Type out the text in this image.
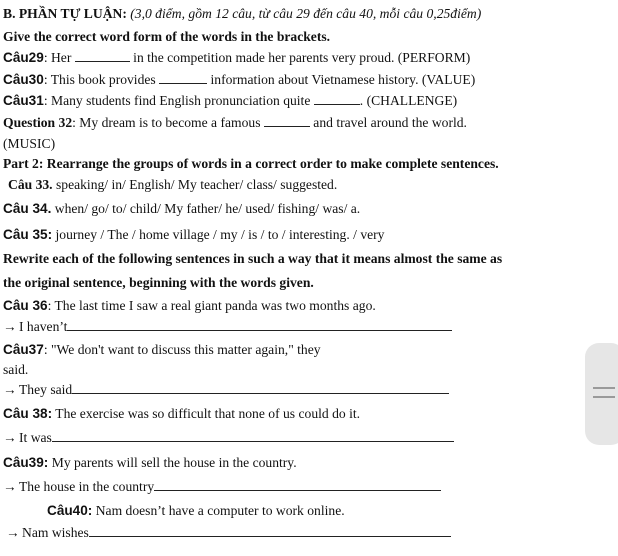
B. PHẦN TỰ LUẬN: (3,0 điểm, gồm 12 câu, từ câu 29 đến câu 40, mỗi câu 0,25điểm)
Give the correct word form of the words in the brackets.
Câu29: Her	in the competition made her parents very proud. (PERFORM)
Câu30: This book provides	information about Vietnamese history. (VALUE)
Câu31: Many students find English pronunciation quite	. (CHALLENGE)
Question 32: My dream is to become a famous	and travel around the world.
(MUSIC)
Part 2: Rearrange the groups of words in a correct order to make complete sentences.
Câu 33. speaking/ in/ English/ My teacher/ class/ suggested.
Câu 34. when/ go/ to/ child/ My father/ he/ used/ fishing/ was/ a.
Câu 35: journey / The / home village / my / is / to / interesting. / very
Rewrite each of the following sentences in such a way that it means almost the same as
the original sentence, beginning with the words given.
Câu 36: The last time I saw a real giant panda was two months ago.
→ I haven’t
Câu37: "We don't want to discuss this matter again," they
said.
→ They said
Câu 38: The exercise was so difficult that none of us could do it.
→ It was
Câu39: My parents will sell the house in the country.
→ The house in the country
Câu40: Nam doesn’t have a computer to work online.
→ Nam wishes
